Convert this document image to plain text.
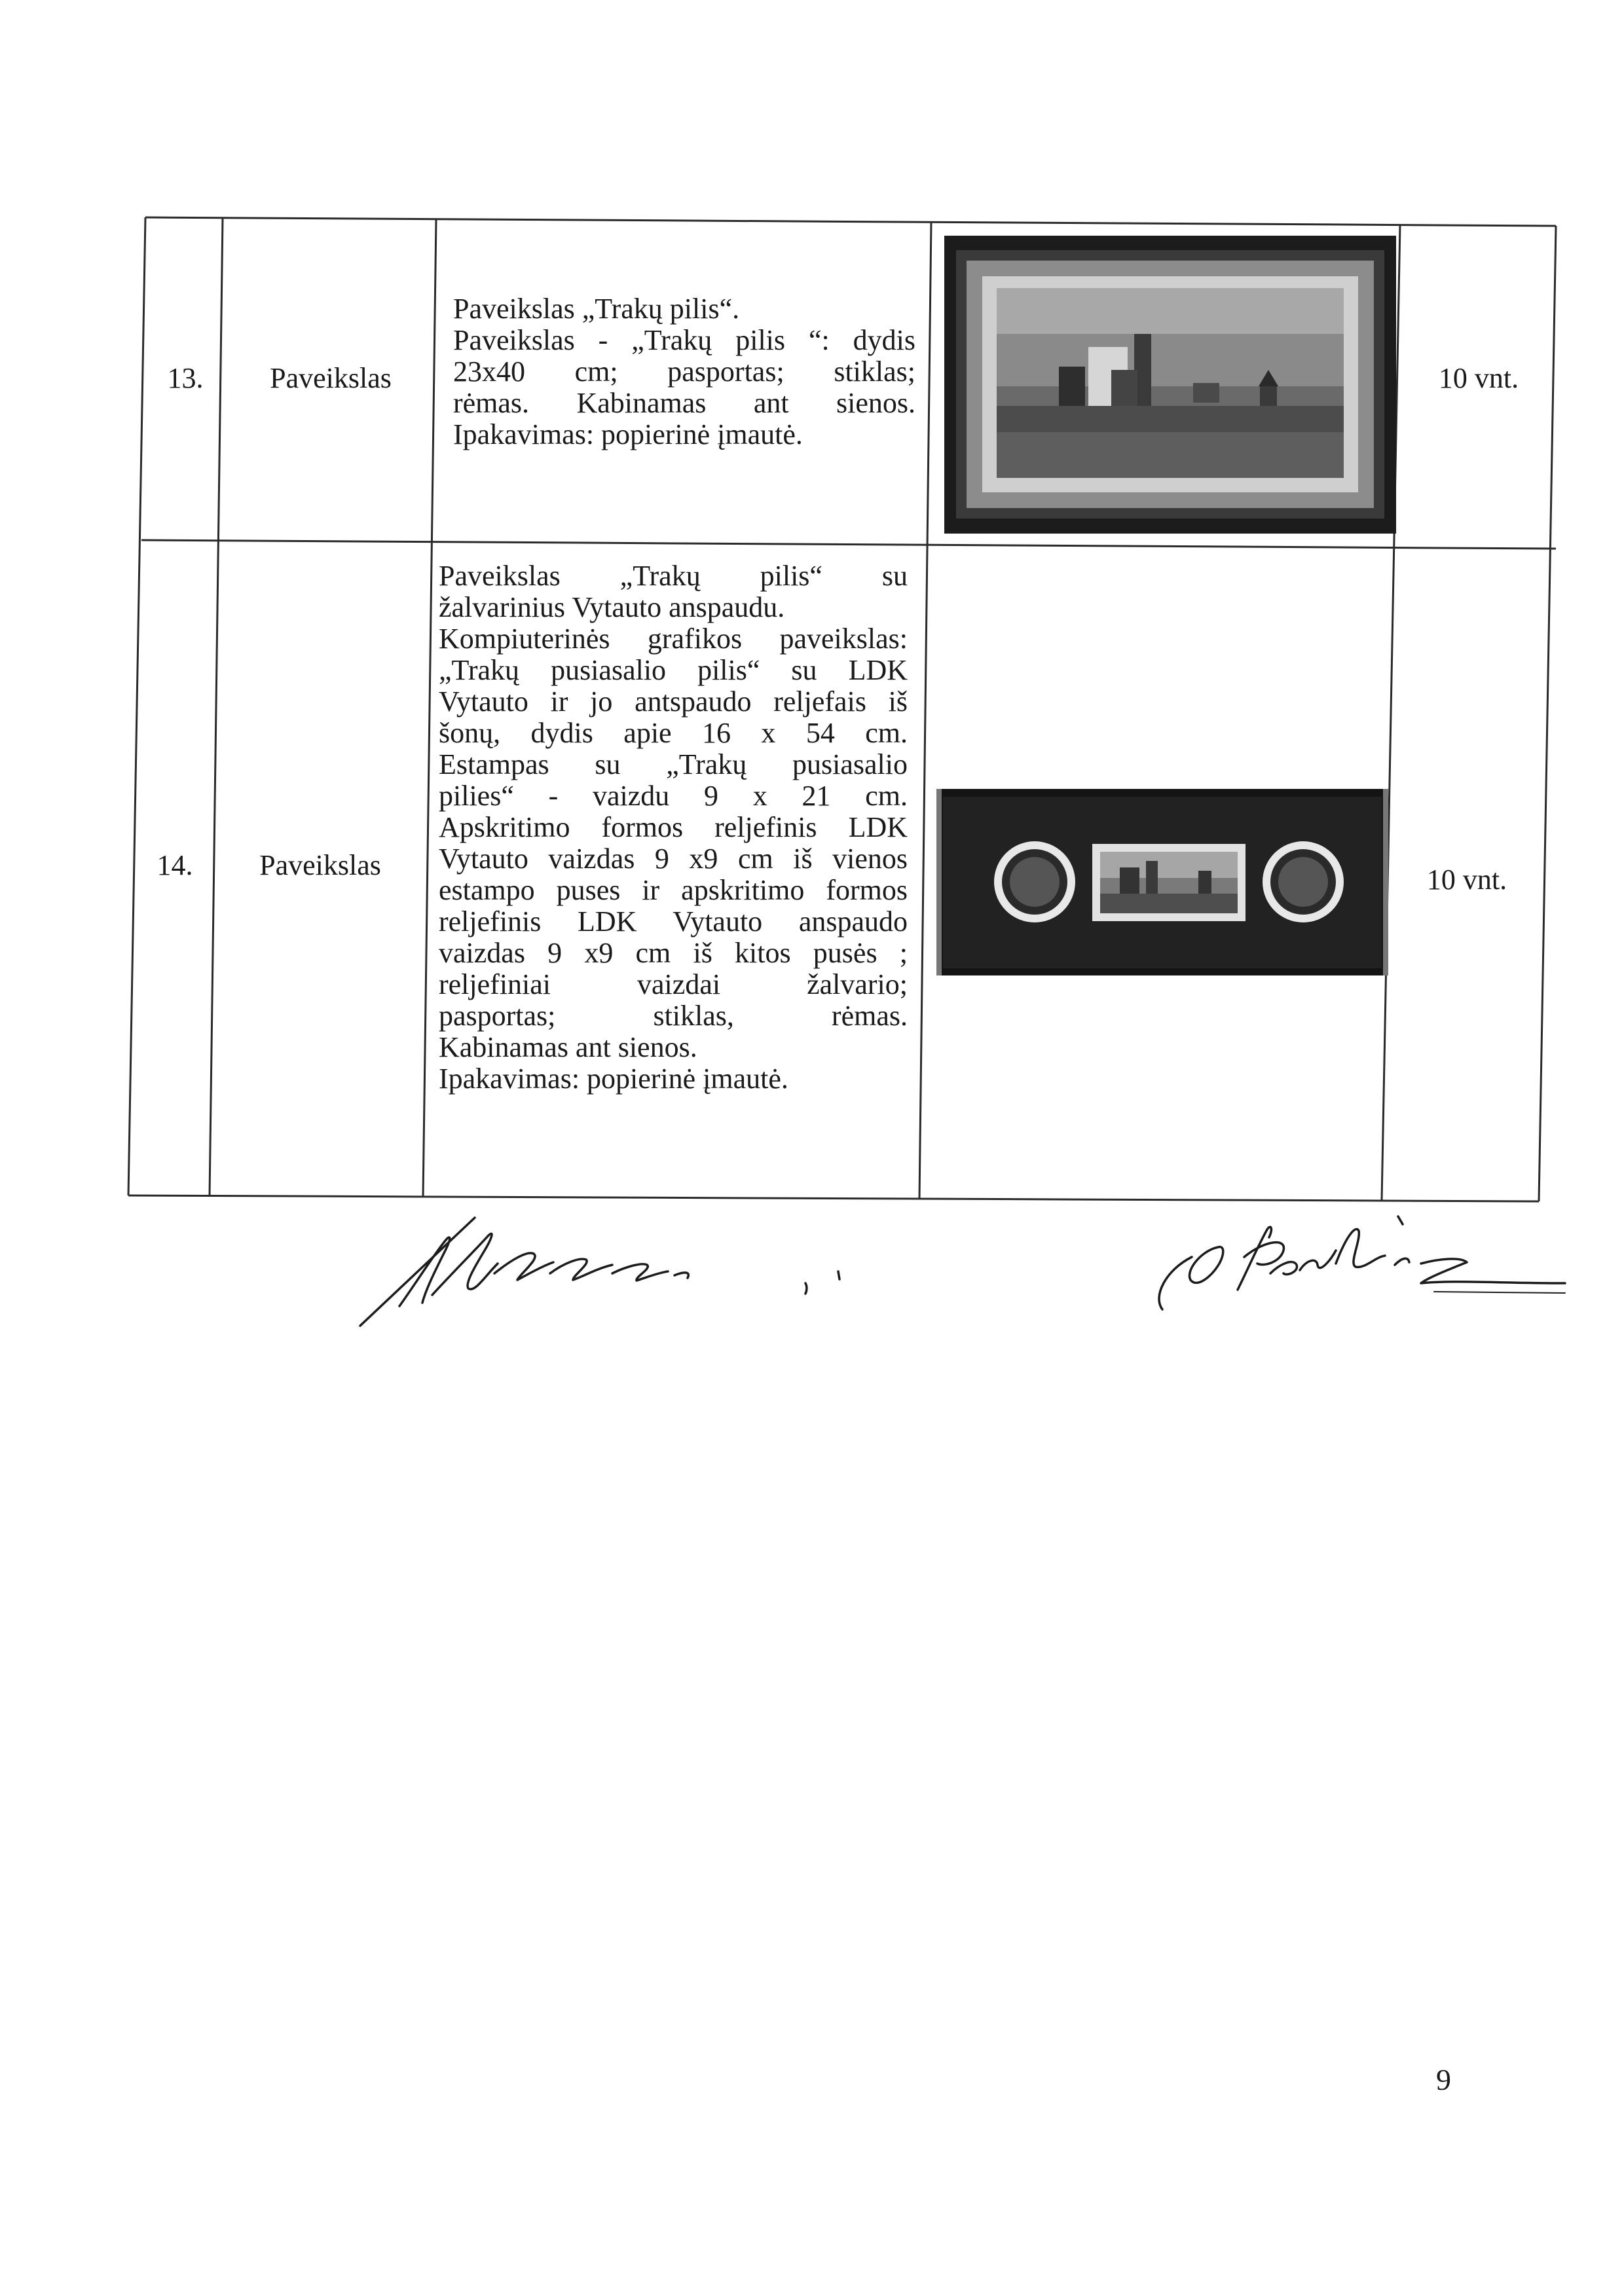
13.	Paveikslas
Paveikslas „Trakų pilis“.
Paveikslas - „Trakų pilis “: dydis
23x40 cm; pasportas; stiklas;
rėmas. Kabinamas ant sienos.
Ipakavimas: popierinė įmautė.
10 vnt.
14.	Paveikslas
Paveikslas „Trakų pilis“ su
žalvarinius Vytauto anspaudu.
Kompiuterinės grafikos paveikslas:
„Trakų pusiasalio pilis“ su LDK
Vytauto ir jo antspaudo reljefais iš
šonų, dydis apie 16 x 54 cm.
Estampas su „Trakų pusiasalio
pilies“ - vaizdu 9 x 21 cm.
Apskritimo formos reljefinis LDK
Vytauto vaizdas 9 x9 cm iš vienos
estampo puses ir apskritimo formos
reljefinis LDK Vytauto anspaudo
vaizdas 9 x9 cm iš kitos pusės ;
reljefiniai vaizdai žalvario;
pasportas; stiklas, rėmas.
Kabinamas ant sienos.
Ipakavimas: popierinė įmautė.
10 vnt.
9
